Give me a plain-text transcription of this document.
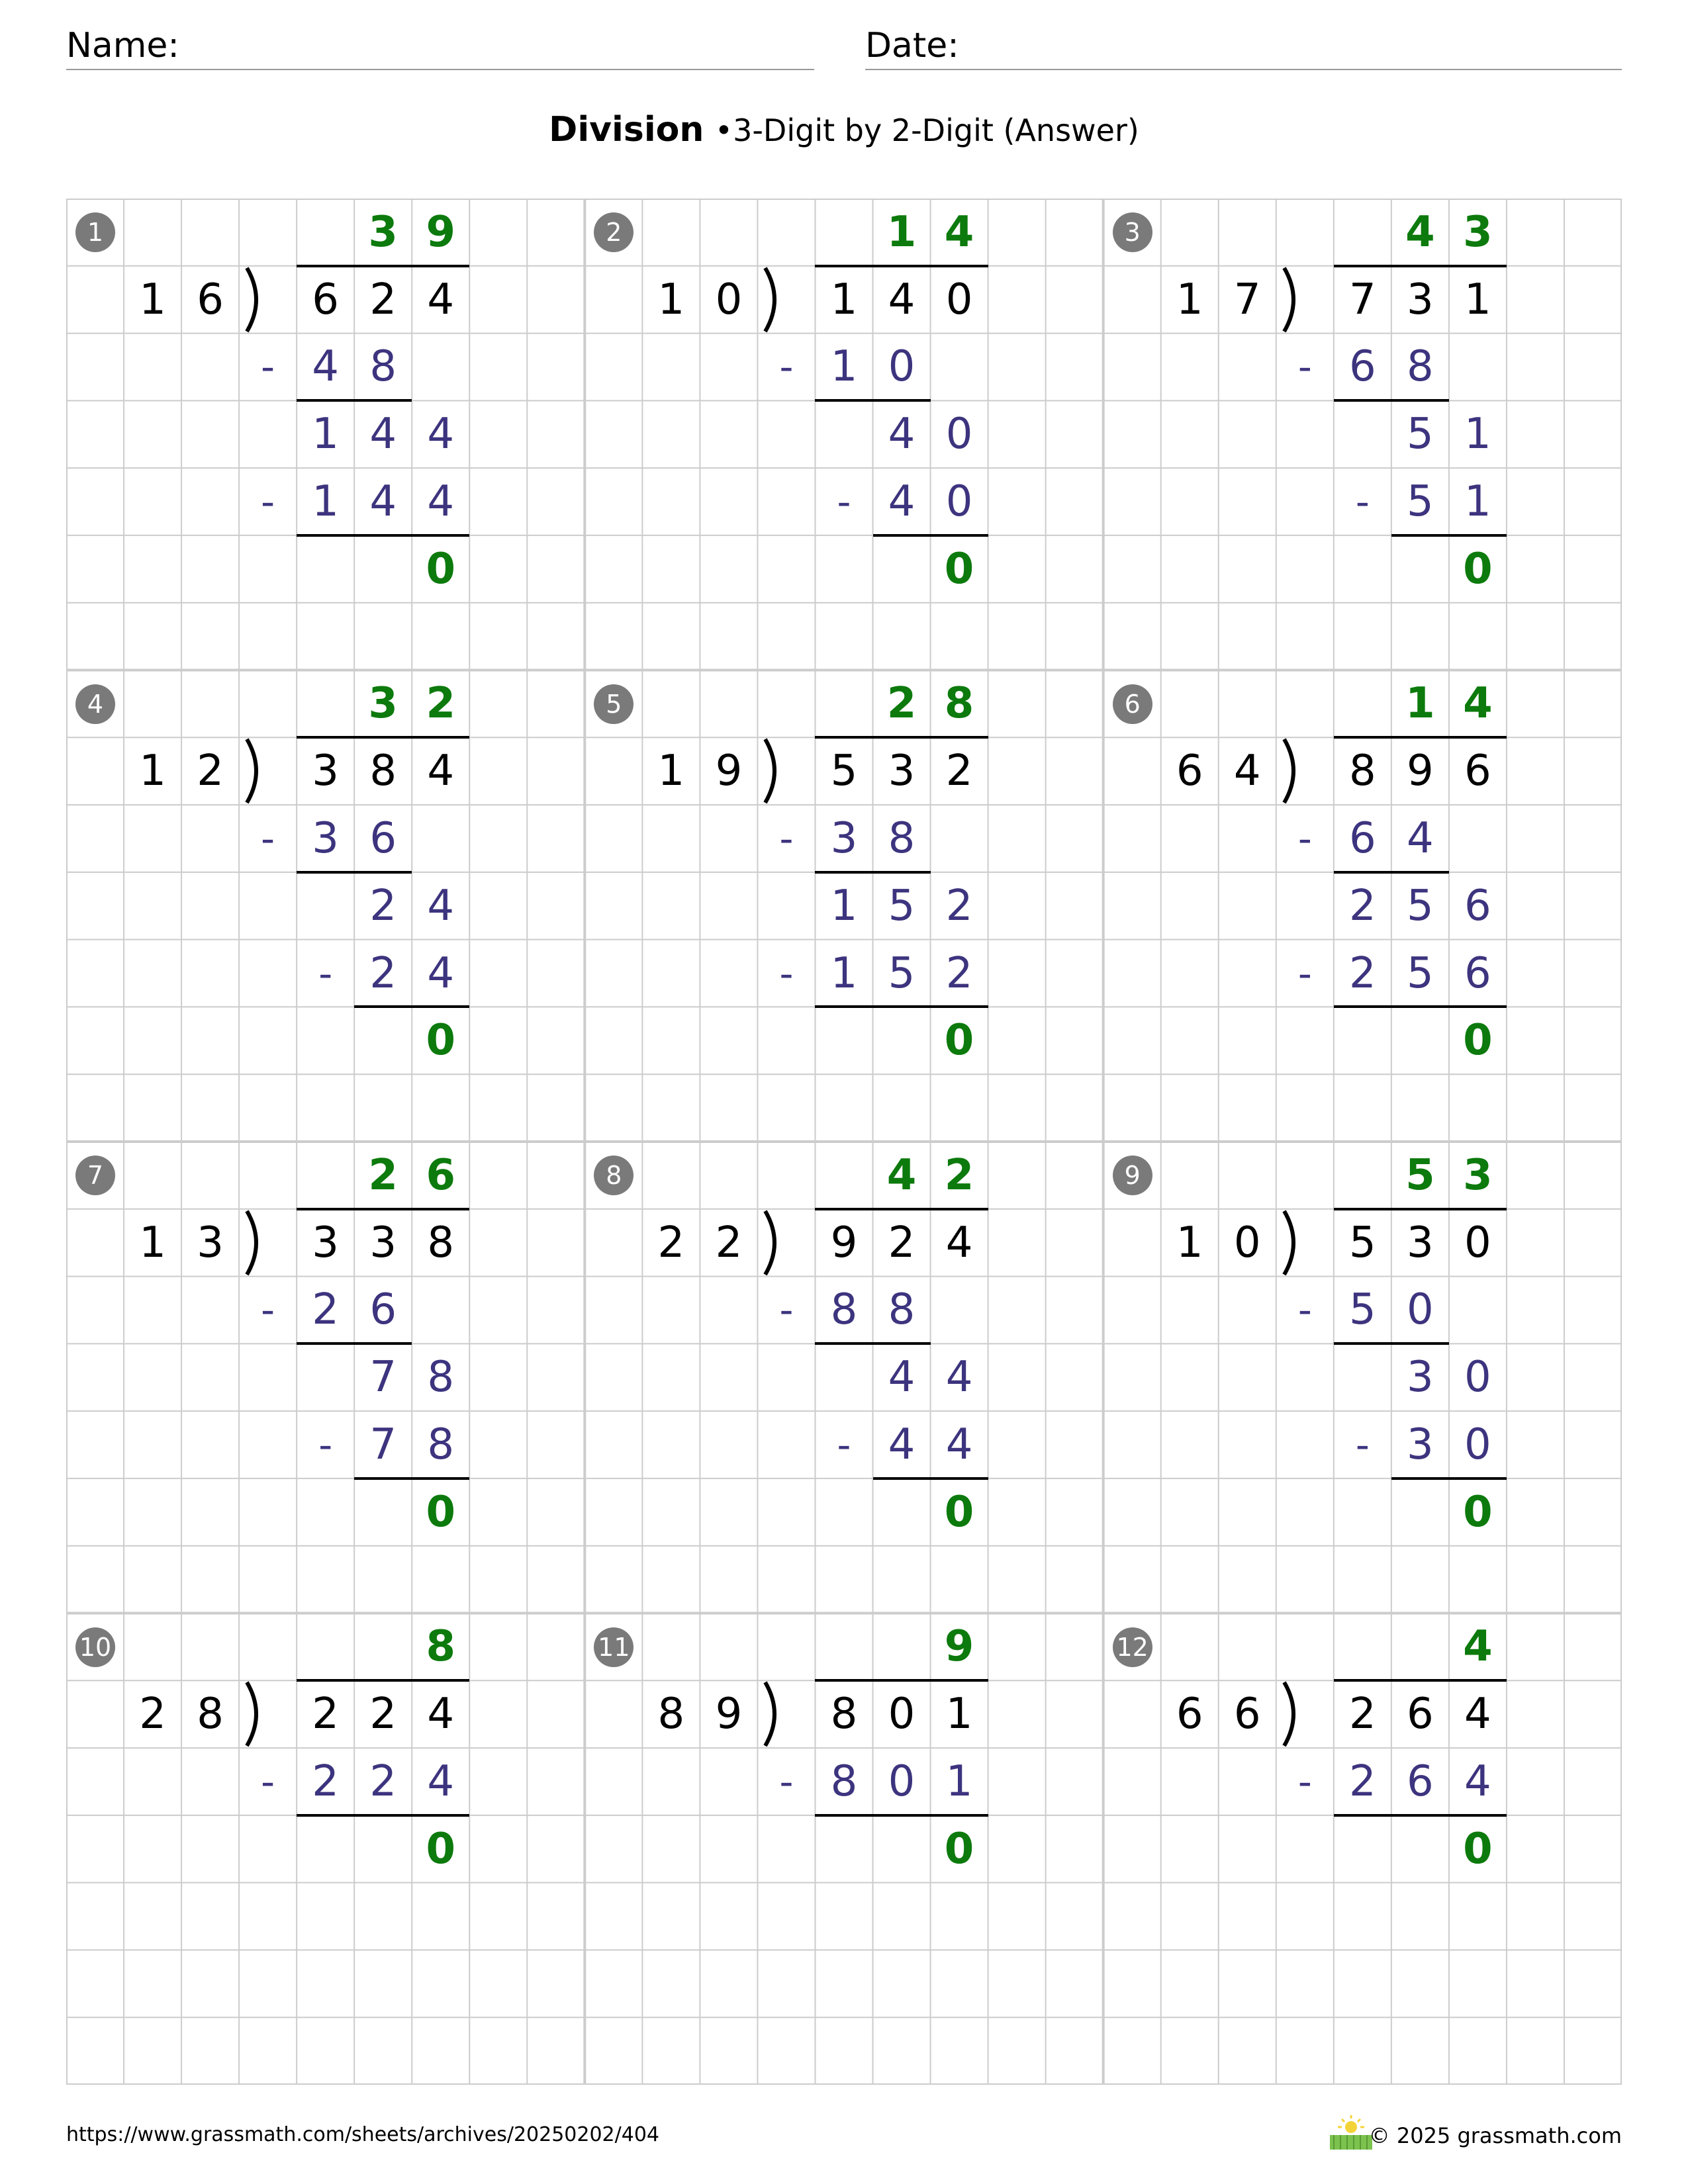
Name:	Date:
Division •3-Digit by 2-Digit (Answer)
1	3 9
1 6	6 2 4
- 4 8
1 4 4
- 1 4 4
0
2	1 4
1 0	1 4 0
- 1 0
4 0
- 4 0
0
3	4 3
1 7	7 3 1
- 6 8
5 1
- 5 1
0
4	3 2
1 2	3 8 4
- 3 6
2 4
- 2 4
0
5	2 8
1 9	5 3 2
- 3 8
1 5 2
- 1 5 2
0
6	1 4
6 4	8 9 6
- 6 4
2 5 6
- 2 5 6
0
7	2 6
1 3	3 3 8
- 2 6
7 8
- 7 8
0
8	4 2
2 2	9 2 4
- 8 8
4 4
- 4 4
0
9	5 3
1 0	5 3 0
- 5 0
3 0
- 3 0
0
10	8
2 8	2 2 4
- 2 2 4
0
11	9
8 9	8 0 1
- 8 0 1
0
12	4
6 6	2 6 4
- 2 6 4
0
https://www.grassmath.com/sheets/archives/20250202/404	© 2025 grassmath.com
